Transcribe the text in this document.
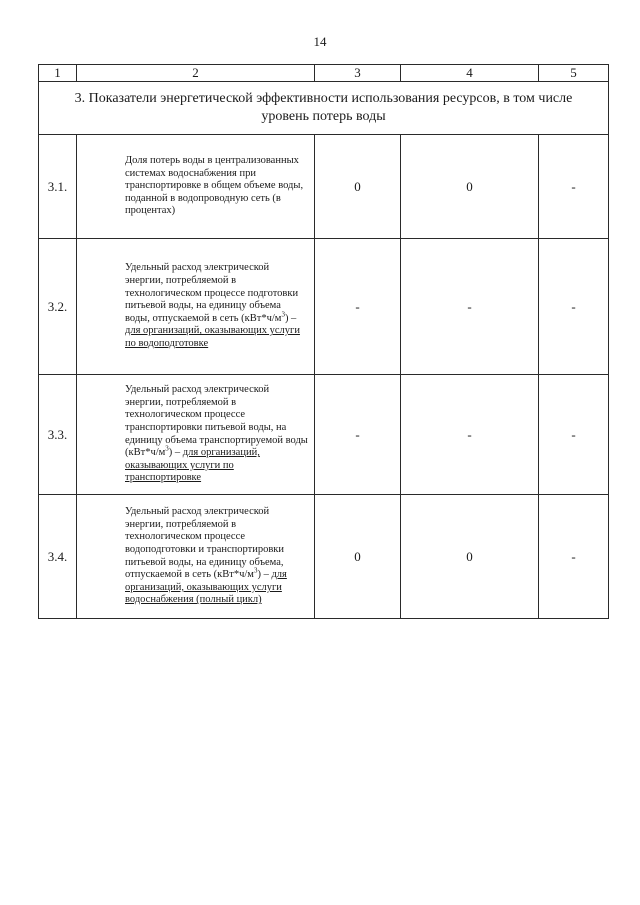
14
1	2	3	4	5
3. Показатели энергетической эффективности использования ресурсов, в том числе уровень потерь воды				
3.1.	Доля потерь воды в централизованных системах водоснабжения при транспортировке в общем объеме воды, поданной в водопроводную сеть (в процентах)	0	0	-
3.2.	Удельный расход электрической энергии, потребляемой в технологическом процессе подготовки питьевой воды, на единицу объема воды, отпускаемой в сеть $(кВт*ч/м^3)$ – для организаций, оказывающих услуги по водоподготовке	-	-	-
3.3.	Удельный расход электрической энергии, потребляемой в технологическом процессе транспортировки питьевой воды, на единицу объема транспортируемой воды $(кВт*ч/м^3)$ – для организаций, оказывающих услуги по транспортировке	-	-	-
3.4.	Удельный расход электрической энергии, потребляемой в технологическом процессе водоподготовки и транспортировки питьевой воды, на единицу объема, отпускаемой в сеть $(кВт*ч/м^3)$ – для организаций, оказывающих услуги водоснабжения (полный цикл)	0	0	-
